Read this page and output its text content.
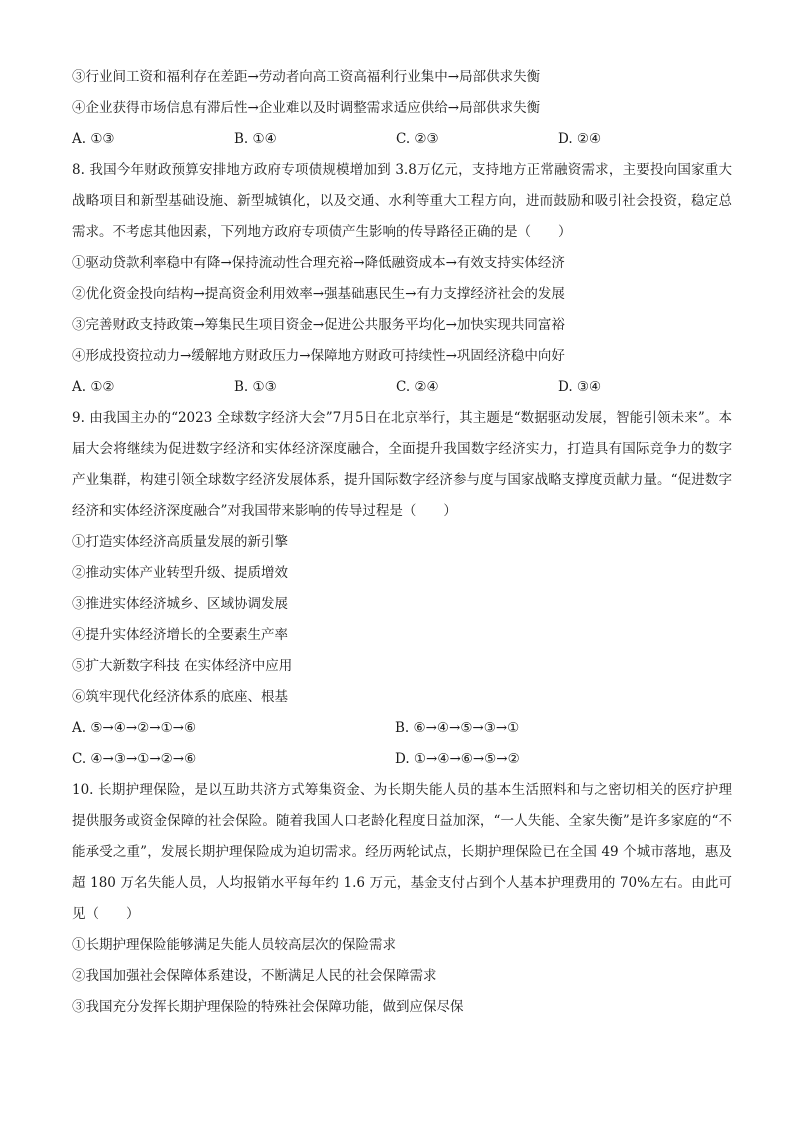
③行业间工资和福利存在差距→劳动者向高工资高福利行业集中→局部供求失衡
④企业获得市场信息有滞后性→企业难以及时调整需求适应供给→局部供求失衡
A. ①③	B. ①④	C. ②③	D. ②④
8. 我国今年财政预算安排地方政府专项债规模增加到 3.8万亿元，支持地方正常融资需求，主要投向国家重大战略项目和新型基础设施、新型城镇化，以及交通、水利等重大工程方向，进而鼓励和吸引社会投资，稳定总需求。不考虑其他因素，下列地方政府专项债产生影响的传导路径正确的是（　　）
①驱动贷款利率稳中有降→保持流动性合理充裕→降低融资成本→有效支持实体经济
②优化资金投向结构→提高资金利用效率→强基础惠民生→有力支撑经济社会的发展
③完善财政支持政策→筹集民生项目资金→促进公共服务平均化→加快实现共同富裕
④形成投资拉动力→缓解地方财政压力→保障地方财政可持续性→巩固经济稳中向好
A. ①②	B. ①③	C. ②④	D. ③④
9. 由我国主办的“2023 全球数字经济大会”7月5日在北京举行，其主题是“数据驱动发展，智能引领未来”。本届大会将继续为促进数字经济和实体经济深度融合，全面提升我国数字经济实力，打造具有国际竞争力的数字产业集群，构建引领全球数字经济发展体系，提升国际数字经济参与度与国家战略支撑度贡献力量。“促进数字经济和实体经济深度融合”对我国带来影响的传导过程是（　　）
①打造实体经济高质量发展的新引擎
②推动实体产业转型升级、提质增效
③推进实体经济城乡、区域协调发展
④提升实体经济增长的全要素生产率
⑤扩大新数字科技 在实体经济中应用
⑥筑牢现代化经济体系的底座、根基
A. ⑤→④→②→①→⑥	B. ⑥→④→⑤→③→①
C. ④→③→①→②→⑥	D. ①→④→⑥→⑤→②
10. 长期护理保险，是以互助共济方式筹集资金、为长期失能人员的基本生活照料和与之密切相关的医疗护理提供服务或资金保障的社会保险。随着我国人口老龄化程度日益加深，“一人失能、全家失衡”是许多家庭的“不能承受之重”，发展长期护理保险成为迫切需求。经历两轮试点，长期护理保险已在全国 49 个城市落地，惠及超 180 万名失能人员，人均报销水平每年约 1.6 万元，基金支付占到个人基本护理费用的 70%左右。由此可见（　　）
①长期护理保险能够满足失能人员较高层次的保险需求
②我国加强社会保障体系建设，不断满足人民的社会保障需求
③我国充分发挥长期护理保险的特殊社会保障功能，做到应保尽保
